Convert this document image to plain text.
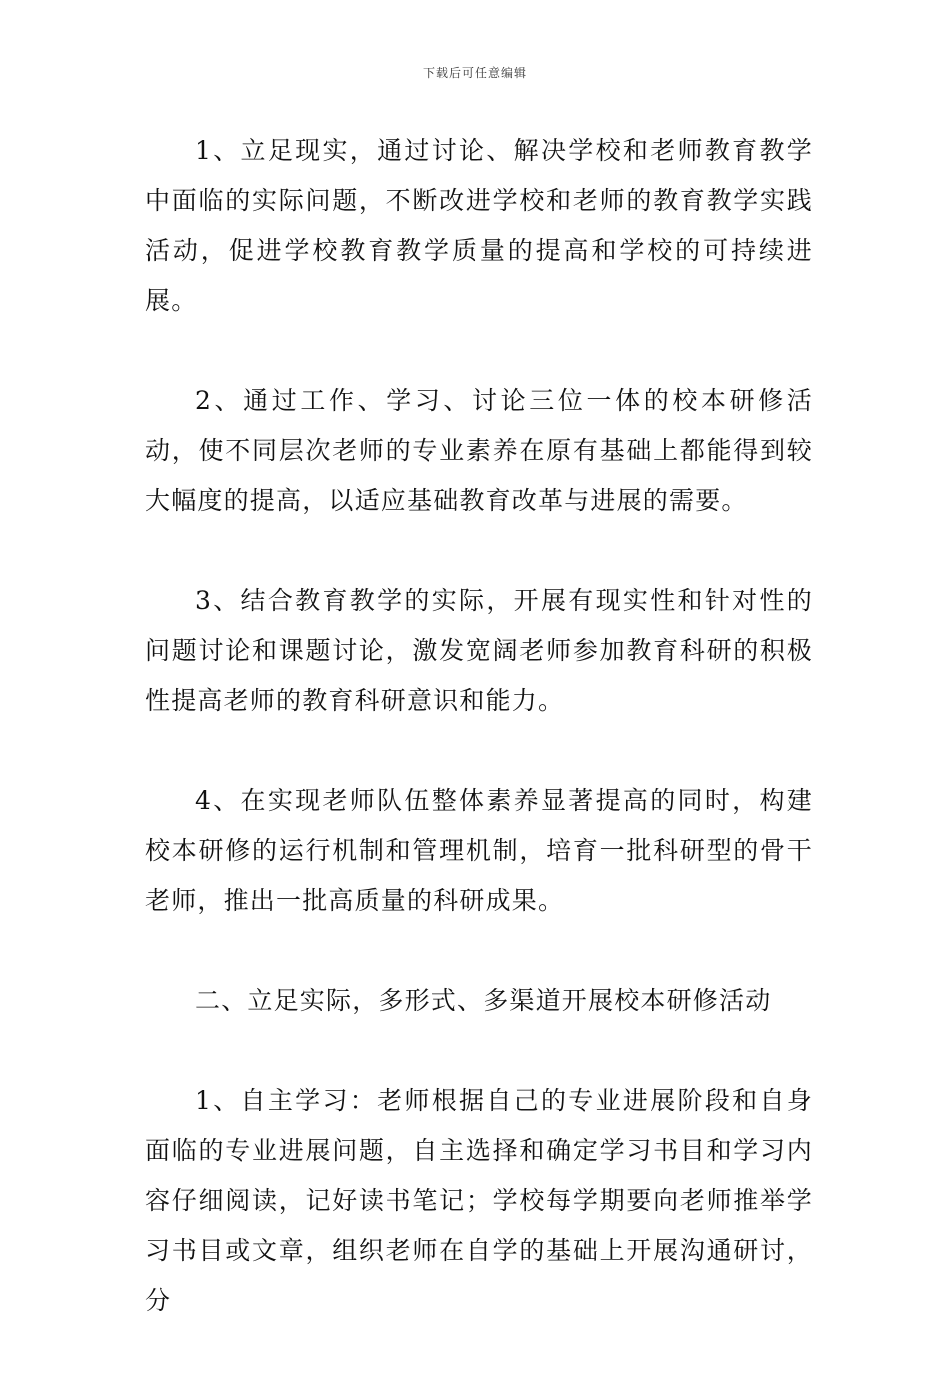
下载后可任意编辑

1、立足现实，通过讨论、解决学校和老师教育教学中面临的实际问题，不断改进学校和老师的教育教学实践活动，促进学校教育教学质量的提高和学校的可持续进展。

2、通过工作、学习、讨论三位一体的校本研修活动，使不同层次老师的专业素养在原有基础上都能得到较大幅度的提高，以适应基础教育改革与进展的需要。

3、结合教育教学的实际，开展有现实性和针对性的问题讨论和课题讨论，激发宽阔老师参加教育科研的积极性提高老师的教育科研意识和能力。

4、在实现老师队伍整体素养显著提高的同时，构建校本研修的运行机制和管理机制，培育一批科研型的骨干老师，推出一批高质量的科研成果。

二、立足实际，多形式、多渠道开展校本研修活动

1、自主学习：老师根据自己的专业进展阶段和自身面临的专业进展问题，自主选择和确定学习书目和学习内容仔细阅读，记好读书笔记；学校每学期要向老师推举学习书目或文章，组织老师在自学的基础上开展沟通研讨，分
